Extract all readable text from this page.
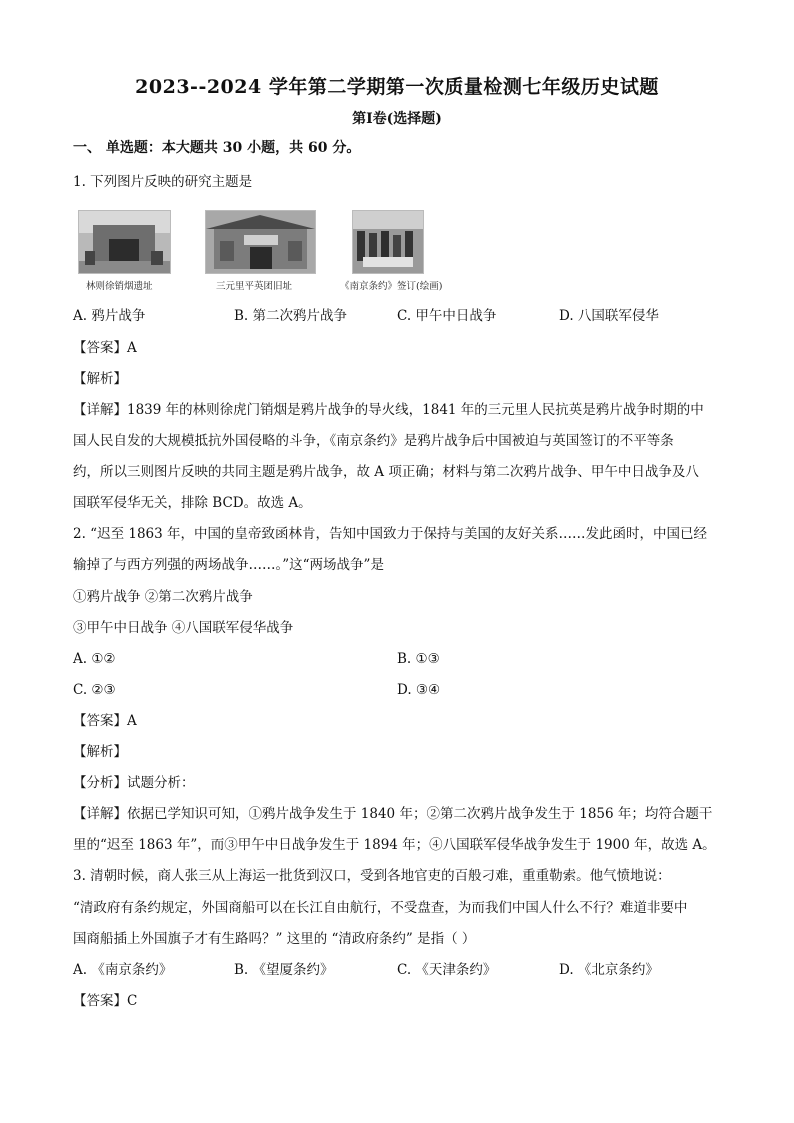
2023--2024 学年第二学期第一次质量检测七年级历史试题
第Ⅰ卷(选择题)
一、 单选题：本大题共 30 小题，共 60 分。
1. 下列图片反映的研究主题是
林则徐销烟遗址	三元里平英团旧址	《南京条约》签订(绘画)
A. 鸦片战争	B. 第二次鸦片战争	C. 甲午中日战争	D. 八国联军侵华
【答案】A
【解析】
【详解】1839 年的林则徐虎门销烟是鸦片战争的导火线，1841 年的三元里人民抗英是鸦片战争时期的中
国人民自发的大规模抵抗外国侵略的斗争，《南京条约》是鸦片战争后中国被迫与英国签订的不平等条
约，所以三则图片反映的共同主题是鸦片战争，故 A 项正确；材料与第二次鸦片战争、甲午中日战争及八
国联军侵华无关，排除 BCD。故选 A。
2. “迟至 1863 年，中国的皇帝致函林肯，告知中国致力于保持与美国的友好关系……发此函时，中国已经
输掉了与西方列强的两场战争……。”这“两场战争”是
①鸦片战争 ②第二次鸦片战争
③甲午中日战争 ④八国联军侵华战争
A. ①②	B. ①③
C. ②③	D. ③④
【答案】A
【解析】
【分析】试题分析：
【详解】依据已学知识可知，①鸦片战争发生于 1840 年；②第二次鸦片战争发生于 1856 年；均符合题干
里的“迟至 1863 年”，而③甲午中日战争发生于 1894 年；④八国联军侵华战争发生于 1900 年，故选 A。
3. 清朝时候，商人张三从上海运一批货到汉口，受到各地官吏的百般刁难，重重勒索。他气愤地说：
“清政府有条约规定，外国商船可以在长江自由航行，不受盘查，为而我们中国人什么不行？难道非要中
国商船插上外国旗子才有生路吗？” 这里的 “清政府条约” 是指（ ）
A. 《南京条约》	B. 《望厦条约》	C. 《天津条约》	D. 《北京条约》
【答案】C
